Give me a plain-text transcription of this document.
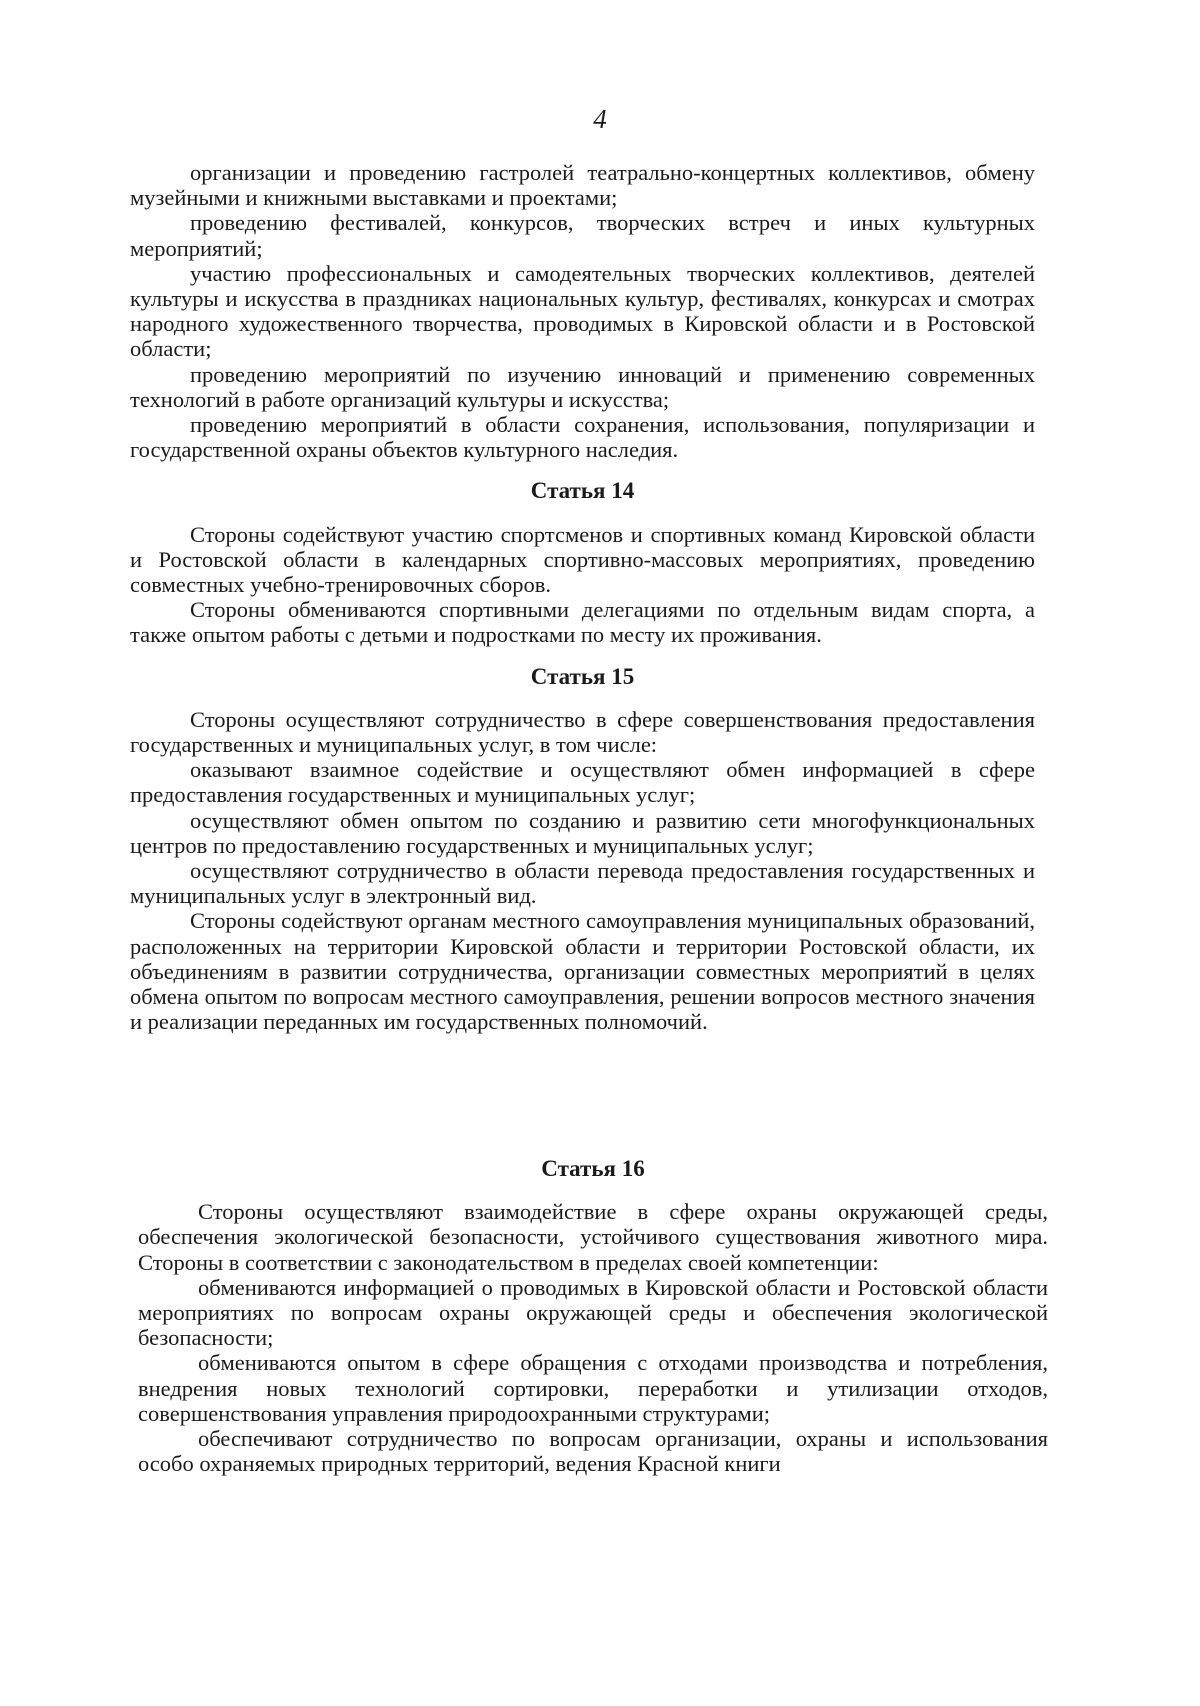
4

организации и проведению гастролей театрально-концертных коллективов, обмену музейными и книжными выставками и проектами;

проведению фестивалей, конкурсов, творческих встреч и иных культурных мероприятий;

участию профессиональных и самодеятельных творческих коллективов, деятелей культуры и искусства в праздниках национальных культур, фестивалях, конкурсах и смотрах народного художественного творчества, проводимых в Кировской области и в Ростовской области;

проведению мероприятий по изучению инноваций и применению современных технологий в работе организаций культуры и искусства;

проведению мероприятий в области сохранения, использования, популяризации и государственной охраны объектов культурного наследия.

Статья 14

Стороны содействуют участию спортсменов и спортивных команд Кировской области и Ростовской области в календарных спортивно-массовых мероприятиях, проведению совместных учебно-тренировочных сборов.

Стороны обмениваются спортивными делегациями по отдельным видам спорта, а также опытом работы с детьми и подростками по месту их проживания.

Статья 15

Стороны осуществляют сотрудничество в сфере совершенствования предоставления государственных и муниципальных услуг, в том числе:

оказывают взаимное содействие и осуществляют обмен информацией в сфере предоставления государственных и муниципальных услуг;

осуществляют обмен опытом по созданию и развитию сети многофункциональных центров по предоставлению государственных и муниципальных услуг;

осуществляют сотрудничество в области перевода предоставления государственных и муниципальных услуг в электронный вид.

Стороны содействуют органам местного самоуправления муниципальных образований, расположенных на территории Кировской области и территории Ростовской области, их объединениям в развитии сотрудничества, организации совместных мероприятий в целях обмена опытом по вопросам местного самоуправления, решении вопросов местного значения и реализации переданных им государственных полномочий.

Статья 16

Стороны осуществляют взаимодействие в сфере охраны окружающей среды, обеспечения экологической безопасности, устойчивого существования животного мира. Стороны в соответствии с законодательством в пределах своей компетенции:

обмениваются информацией о проводимых в Кировской области и Ростовской области мероприятиях по вопросам охраны окружающей среды и обеспечения экологической безопасности;

обмениваются опытом в сфере обращения с отходами производства и потребления, внедрения новых технологий сортировки, переработки и утилизации отходов, совершенствования управления природоохранными структурами;

обеспечивают сотрудничество по вопросам организации, охраны и использования особо охраняемых природных территорий, ведения Красной книги
